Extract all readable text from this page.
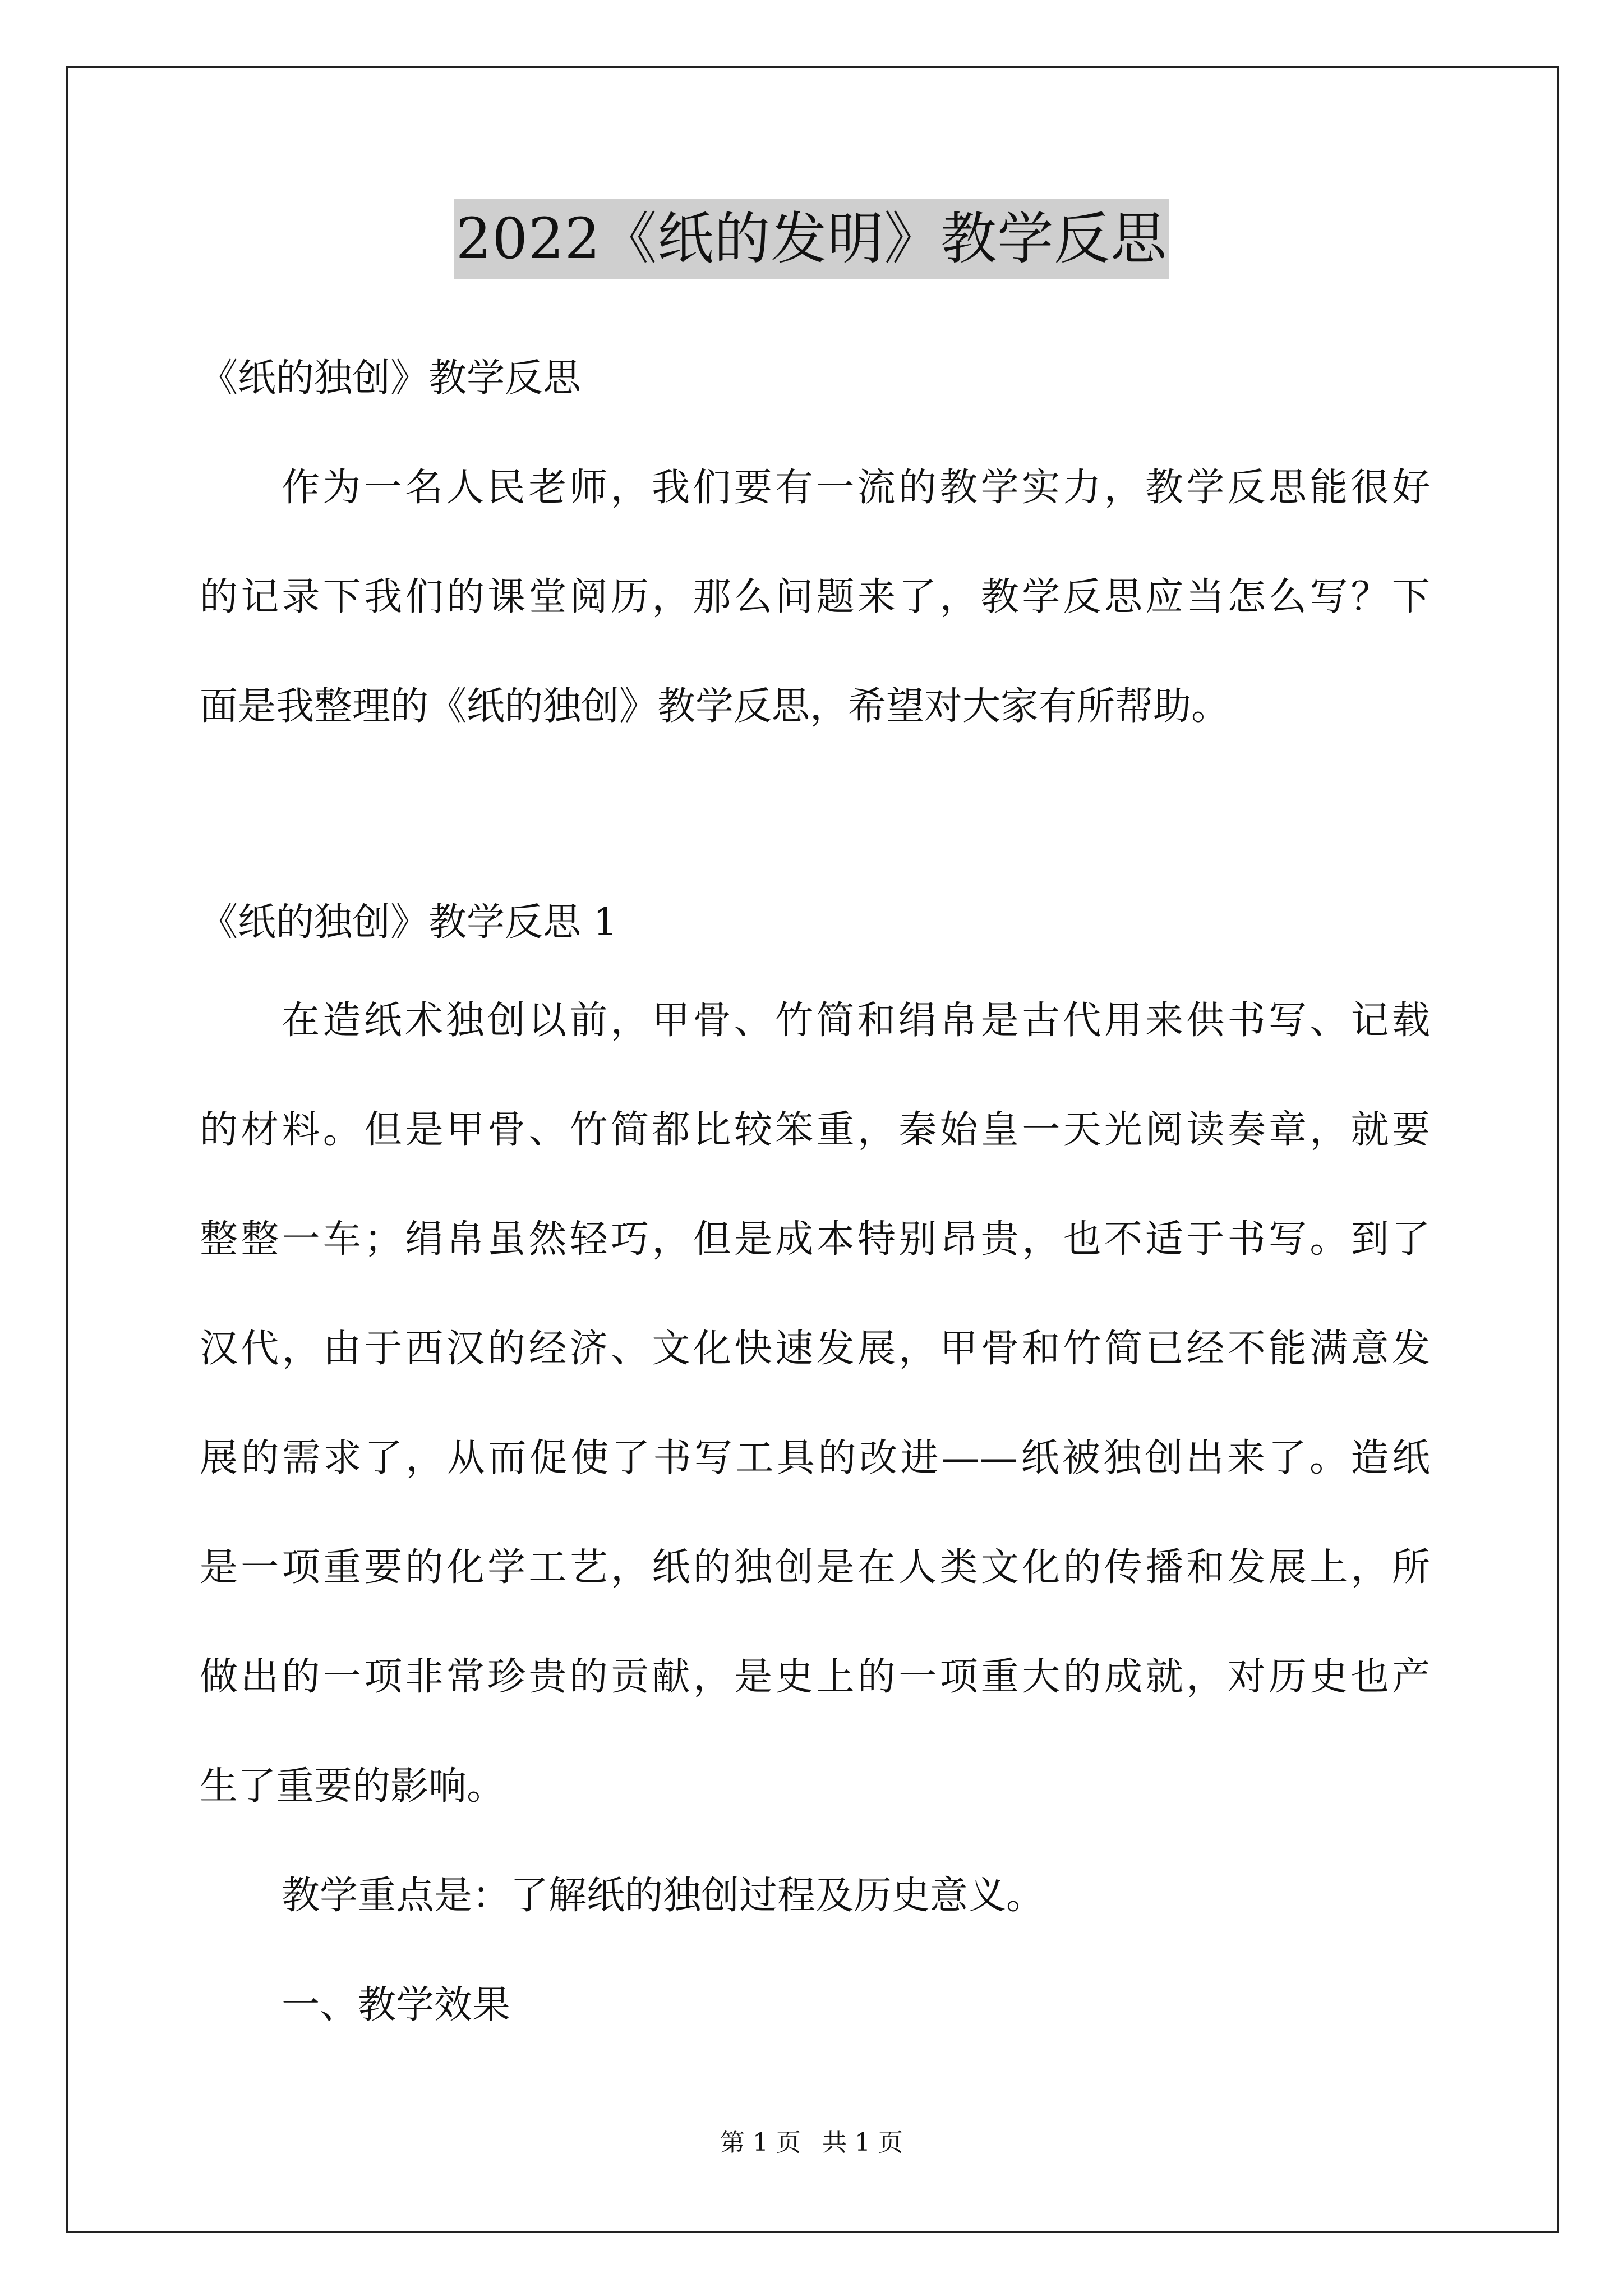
2022《纸的发明》教学反思
《纸的独创》教学反思
作为一名人民老师，我们要有一流的教学实力，教学反思能很好
的记录下我们的课堂阅历，那么问题来了，教学反思应当怎么写？下
面是我整理的《纸的独创》教学反思，希望对大家有所帮助。
《纸的独创》教学反思 1
在造纸术独创以前，甲骨、竹简和绢帛是古代用来供书写、记载
的材料。但是甲骨、竹简都比较笨重，秦始皇一天光阅读奏章，就要
整整一车；绢帛虽然轻巧，但是成本特别昂贵，也不适于书写。到了
汉代，由于西汉的经济、文化快速发展，甲骨和竹简已经不能满意发
展的需求了，从而促使了书写工具的改进——纸被独创出来了。造纸
是一项重要的化学工艺，纸的独创是在人类文化的传播和发展上，所
做出的一项非常珍贵的贡献，是史上的一项重大的成就，对历史也产
生了重要的影响。
教学重点是：了解纸的独创过程及历史意义。
一、教学效果
第 1 页 共 1 页
